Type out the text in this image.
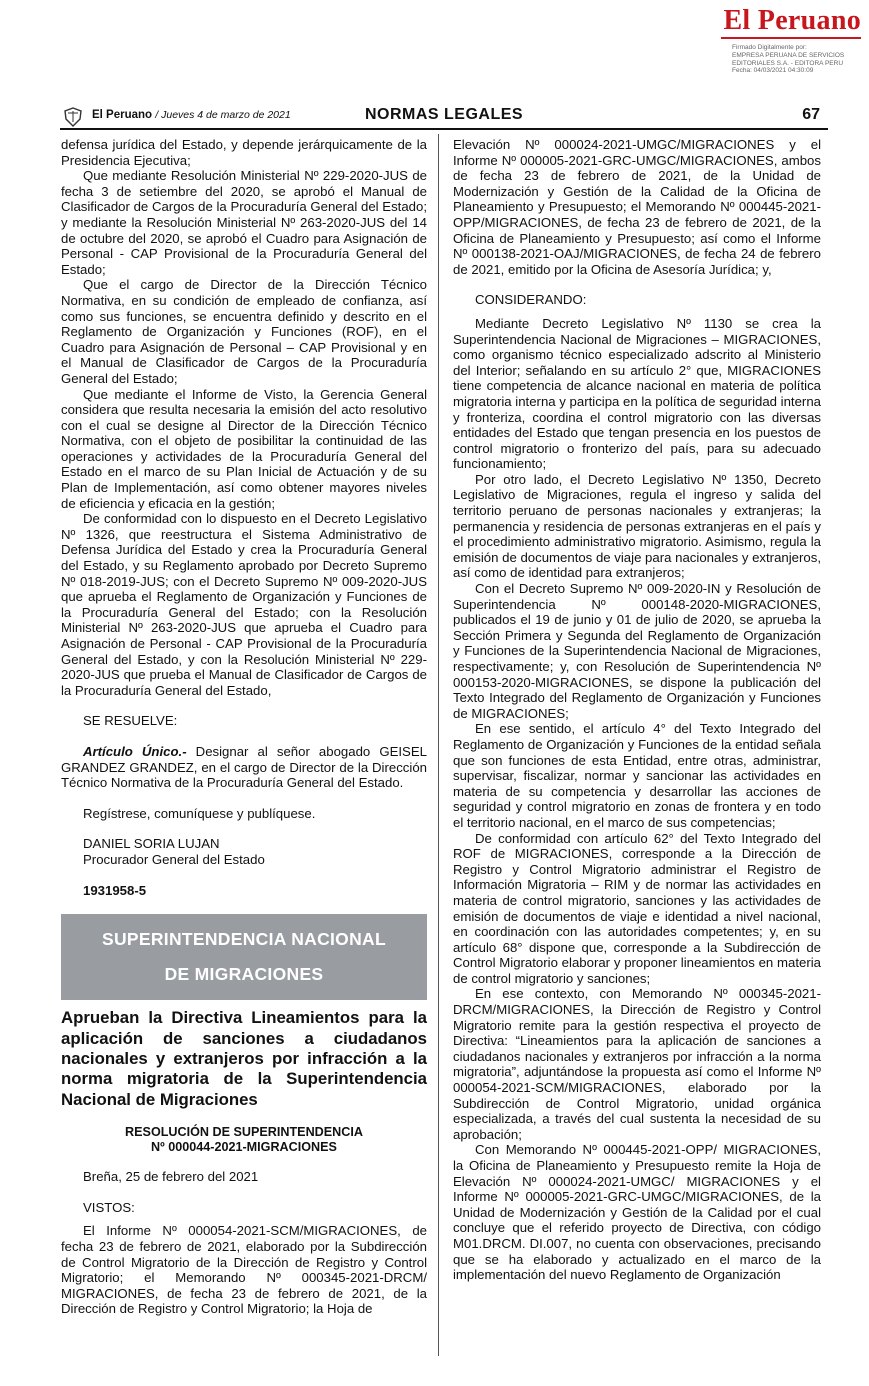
El Peruano
Firmado Digitalmente por:
EMPRESA PERUANA DE SERVICIOS
EDITORIALES S.A. - EDITORA PERU
Fecha: 04/03/2021 04:30:09
El Peruano / Jueves 4 de marzo de 2021	NORMAS LEGALES	67

defensa jurídica del Estado, y depende jerárquicamente de la Presidencia Ejecutiva;

Que mediante Resolución Ministerial Nº 229-2020-JUS de fecha 3 de setiembre del 2020, se aprobó el Manual de Clasificador de Cargos de la Procuraduría General del Estado; y mediante la Resolución Ministerial Nº 263-2020-JUS del 14 de octubre del 2020, se aprobó el Cuadro para Asignación de Personal - CAP Provisional de la Procuraduría General del Estado;

Que el cargo de Director de la Dirección Técnico Normativa, en su condición de empleado de confianza, así como sus funciones, se encuentra definido y descrito en el Reglamento de Organización y Funciones (ROF), en el Cuadro para Asignación de Personal – CAP Provisional y en el Manual de Clasificador de Cargos de la Procuraduría General del Estado;

Que mediante el Informe de Visto, la Gerencia General considera que resulta necesaria la emisión del acto resolutivo con el cual se designe al Director de la Dirección Técnico Normativa, con el objeto de posibilitar la continuidad de las operaciones y actividades de la Procuraduría General del Estado en el marco de su Plan Inicial de Actuación y de su Plan de Implementación, así como obtener mayores niveles de eficiencia y eficacia en la gestión;

De conformidad con lo dispuesto en el Decreto Legislativo Nº 1326, que reestructura el Sistema Administrativo de Defensa Jurídica del Estado y crea la Procuraduría General del Estado, y su Reglamento aprobado por Decreto Supremo Nº 018-2019-JUS; con el Decreto Supremo Nº 009-2020-JUS que aprueba el Reglamento de Organización y Funciones de la Procuraduría General del Estado; con la Resolución Ministerial Nº 263-2020-JUS que aprueba el Cuadro para Asignación de Personal - CAP Provisional de la Procuraduría General del Estado, y con la Resolución Ministerial Nº 229-2020-JUS que prueba el Manual de Clasificador de Cargos de la Procuraduría General del Estado,

SE RESUELVE:

Artículo Único.- Designar al señor abogado GEISEL GRANDEZ GRANDEZ, en el cargo de Director de la Dirección Técnico Normativa de la Procuraduría General del Estado.

Regístrese, comuníquese y publíquese.

DANIEL SORIA LUJAN

Procurador General del Estado

1931958-5

SUPERINTENDENCIA NACIONAL
DE MIGRACIONES

Aprueban la Directiva Lineamientos para la aplicación de sanciones a ciudadanos nacionales y extranjeros por infracción a la norma migratoria de la Superintendencia Nacional de Migraciones

RESOLUCIÓN DE SUPERINTENDENCIA

Nº 000044-2021-MIGRACIONES

Breña, 25 de febrero del 2021

VISTOS:

El Informe Nº 000054-2021-SCM/MIGRACIONES, de fecha 23 de febrero de 2021, elaborado por la Subdirección de Control Migratorio de la Dirección de Registro y Control Migratorio; el Memorando Nº 000345-2021-DRCM/ MIGRACIONES, de fecha 23 de febrero de 2021, de la Dirección de Registro y Control Migratorio; la Hoja de

Elevación Nº 000024-2021-UMGC/MIGRACIONES y el Informe Nº 000005-2021-GRC-UMGC/MIGRACIONES, ambos de fecha 23 de febrero de 2021, de la Unidad de Modernización y Gestión de la Calidad de la Oficina de Planeamiento y Presupuesto; el Memorando Nº 000445-2021-OPP/MIGRACIONES, de fecha 23 de febrero de 2021, de la Oficina de Planeamiento y Presupuesto; así como el Informe Nº 000138-2021-OAJ/MIGRACIONES, de fecha 24 de febrero de 2021, emitido por la Oficina de Asesoría Jurídica; y,

CONSIDERANDO:

Mediante Decreto Legislativo Nº 1130 se crea la Superintendencia Nacional de Migraciones – MIGRACIONES, como organismo técnico especializado adscrito al Ministerio del Interior; señalando en su artículo 2° que, MIGRACIONES tiene competencia de alcance nacional en materia de política migratoria interna y participa en la política de seguridad interna y fronteriza, coordina el control migratorio con las diversas entidades del Estado que tengan presencia en los puestos de control migratorio o fronterizo del país, para su adecuado funcionamiento;

Por otro lado, el Decreto Legislativo Nº 1350, Decreto Legislativo de Migraciones, regula el ingreso y salida del territorio peruano de personas nacionales y extranjeras; la permanencia y residencia de personas extranjeras en el país y el procedimiento administrativo migratorio. Asimismo, regula la emisión de documentos de viaje para nacionales y extranjeros, así como de identidad para extranjeros;

Con el Decreto Supremo Nº 009-2020-IN y Resolución de Superintendencia Nº 000148-2020-MIGRACIONES, publicados el 19 de junio y 01 de julio de 2020, se aprueba la Sección Primera y Segunda del Reglamento de Organización y Funciones de la Superintendencia Nacional de Migraciones, respectivamente; y, con Resolución de Superintendencia Nº 000153-2020-MIGRACIONES, se dispone la publicación del Texto Integrado del Reglamento de Organización y Funciones de MIGRACIONES;

En ese sentido, el artículo 4° del Texto Integrado del Reglamento de Organización y Funciones de la entidad señala que son funciones de esta Entidad, entre otras, administrar, supervisar, fiscalizar, normar y sancionar las actividades en materia de su competencia y desarrollar las acciones de seguridad y control migratorio en zonas de frontera y en todo el territorio nacional, en el marco de sus competencias;

De conformidad con artículo 62° del Texto Integrado del ROF de MIGRACIONES, corresponde a la Dirección de Registro y Control Migratorio administrar el Registro de Información Migratoria – RIM y de normar las actividades en materia de control migratorio, sanciones y las actividades de emisión de documentos de viaje e identidad a nivel nacional, en coordinación con las autoridades competentes; y, en su artículo 68° dispone que, corresponde a la Subdirección de Control Migratorio elaborar y proponer lineamientos en materia de control migratorio y sanciones;

En ese contexto, con Memorando Nº 000345-2021-DRCM/MIGRACIONES, la Dirección de Registro y Control Migratorio remite para la gestión respectiva el proyecto de Directiva: “Lineamientos para la aplicación de sanciones a ciudadanos nacionales y extranjeros por infracción a la norma migratoria”, adjuntándose la propuesta así como el Informe Nº 000054-2021-SCM/MIGRACIONES, elaborado por la Subdirección de Control Migratorio, unidad orgánica especializada, a través del cual sustenta la necesidad de su aprobación;

Con Memorando Nº 000445-2021-OPP/ MIGRACIONES, la Oficina de Planeamiento y Presupuesto remite la Hoja de Elevación Nº 000024-2021-UMGC/ MIGRACIONES y el Informe Nº 000005-2021-GRC-UMGC/MIGRACIONES, de la Unidad de Modernización y Gestión de la Calidad por el cual concluye que el referido proyecto de Directiva, con código M01.DRCM. DI.007, no cuenta con observaciones, precisando que se ha elaborado y actualizado en el marco de la implementación del nuevo Reglamento de Organización
